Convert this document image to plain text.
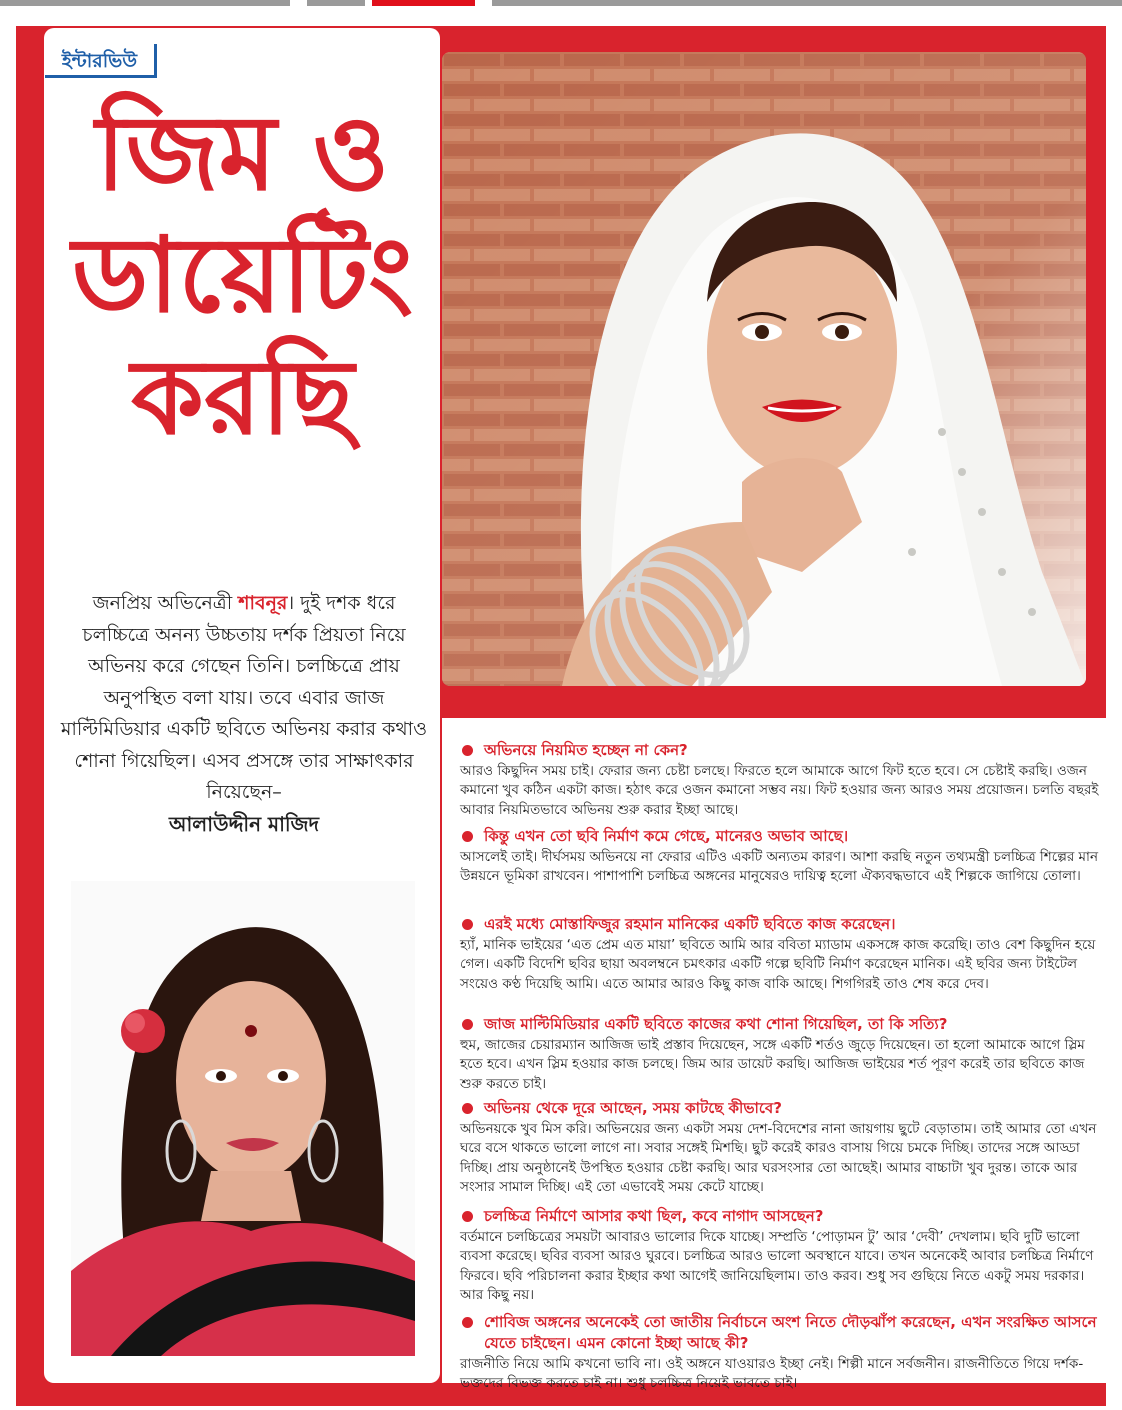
ইন্টারভিউ
জিম ও
ডায়েটিং
করছি
জনপ্রিয় অভিনেত্রী শাবনূর। দুই দশক ধরে চলচ্চিত্রে অনন্য উচ্চতায় দর্শক প্রিয়তা নিয়ে অভিনয় করে গেছেন তিনি। চলচ্চিত্রে প্রায় অনুপস্থিত বলা যায়। তবে এবার জাজ মাল্টিমিডিয়ার একটি ছবিতে অভিনয় করার কথাও শোনা গিয়েছিল। এসব প্রসঙ্গে তার সাক্ষাৎকার নিয়েছেন–
আলাউদ্দীন মাজিদ

অভিনয়ে নিয়মিত হচ্ছেন না কেন?

আরও কিছুদিন সময় চাই। ফেরার জন্য চেষ্টা চলছে। ফিরতে হলে আমাকে আগে ফিট হতে হবে। সে চেষ্টাই করছি। ওজন কমানো খুব কঠিন একটা কাজ। হঠাৎ করে ওজন কমানো সম্ভব নয়। ফিট হওয়ার জন্য আরও সময় প্রয়োজন। চলতি বছরই আবার নিয়মিতভাবে অভিনয় শুরু করার ইচ্ছা আছে।

কিন্তু এখন তো ছবি নির্মাণ কমে গেছে, মানেরও অভাব আছে।

আসলেই তাই। দীর্ঘসময় অভিনয়ে না ফেরার এটিও একটি অন্যতম কারণ। আশা করছি নতুন তথ্যমন্ত্রী চলচ্চিত্র শিল্পের মান উন্নয়নে ভূমিকা রাখবেন। পাশাপাশি চলচ্চিত্র অঙ্গনের মানুষেরও দায়িত্ব হলো ঐক্যবদ্ধভাবে এই শিল্পকে জাগিয়ে তোলা।

এরই মধ্যে মোস্তাফিজুর রহমান মানিকের একটি ছবিতে কাজ করেছেন।

হ্যাঁ, মানিক ভাইয়ের ‘এত প্রেম এত মায়া’ ছবিতে আমি আর ববিতা ম্যাডাম একসঙ্গে কাজ করেছি। তাও বেশ কিছুদিন হয়ে গেল। একটি বিদেশি ছবির ছায়া অবলম্বনে চমৎকার একটি গল্পে ছবিটি নির্মাণ করেছেন মানিক। এই ছবির জন্য টাইটেল সংয়েও কণ্ঠ দিয়েছি আমি। এতে আমার আরও কিছু কাজ বাকি আছে। শিগগিরই তাও শেষ করে দেব।

জাজ মাল্টিমিডিয়ার একটি ছবিতে কাজের কথা শোনা গিয়েছিল, তা কি সত্যি?

হুম, জাজের চেয়ারম্যান আজিজ ভাই প্রস্তাব দিয়েছেন, সঙ্গে একটি শর্তও জুড়ে দিয়েছেন। তা হলো আমাকে আগে স্লিম হতে হবে। এখন স্লিম হওয়ার কাজ চলছে। জিম আর ডায়েট করছি। আজিজ ভাইয়ের শর্ত পূরণ করেই তার ছবিতে কাজ শুরু করতে চাই।

অভিনয় থেকে দূরে আছেন, সময় কাটছে কীভাবে?

অভিনয়কে খুব মিস করি। অভিনয়ের জন্য একটা সময় দেশ-বিদেশের নানা জায়গায় ছুটে বেড়াতাম। তাই আমার তো এখন ঘরে বসে থাকতে ভালো লাগে না। সবার সঙ্গেই মিশছি। ছুট করেই কারও বাসায় গিয়ে চমকে দিচ্ছি। তাদের সঙ্গে আড্ডা দিচ্ছি। প্রায় অনুষ্ঠানেই উপস্থিত হওয়ার চেষ্টা করছি। আর ঘরসংসার তো আছেই। আমার বাচ্চাটা খুব দুরন্ত। তাকে আর সংসার সামাল দিচ্ছি। এই তো এভাবেই সময় কেটে যাচ্ছে।

চলচ্চিত্র নির্মাণে আসার কথা ছিল, কবে নাগাদ আসছেন?

বর্তমানে চলচ্চিত্রের সময়টা আবারও ভালোর দিকে যাচ্ছে। সম্প্রতি ‘পোড়ামন টু’ আর ‘দেবী’ দেখলাম। ছবি দুটি ভালো ব্যবসা করেছে। ছবির ব্যবসা আরও ঘুরবে। চলচ্চিত্র আরও ভালো অবস্থানে যাবে। তখন অনেকেই আবার চলচ্চিত্র নির্মাণে ফিরবে। ছবি পরিচালনা করার ইচ্ছার কথা আগেই জানিয়েছিলাম। তাও করব। শুধু সব গুছিয়ে নিতে একটু সময় দরকার। আর কিছু নয়।

শোবিজ অঙ্গনের অনেকেই তো জাতীয় নির্বাচনে অংশ নিতে দৌড়ঝাঁপ করেছেন, এখন সংরক্ষিত আসনে যেতে চাইছেন। এমন কোনো ইচ্ছা আছে কী?

রাজনীতি নিয়ে আমি কখনো ভাবি না। ওই অঙ্গনে যাওয়ারও ইচ্ছা নেই। শিল্পী মানে সর্বজনীন। রাজনীতিতে গিয়ে দর্শক-ভক্তদের বিভক্ত করতে চাই না। শুধু চলচ্চিত্র নিয়েই ভাবতে চাই।
